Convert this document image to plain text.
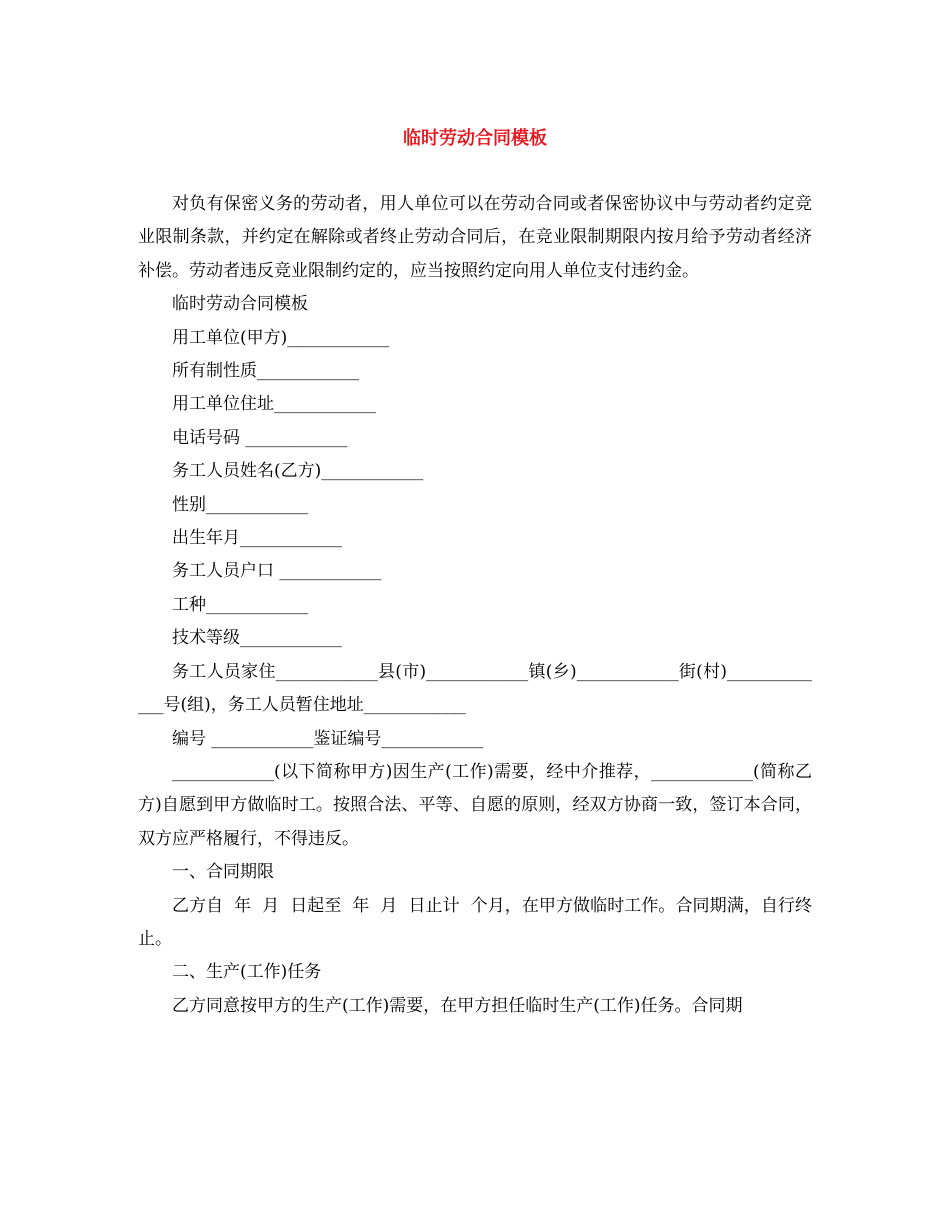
临时劳动合同模板

对负有保密义务的劳动者，用人单位可以在劳动合同或者保密协议中与劳动者约定竞业限制条款，并约定在解除或者终止劳动合同后，在竞业限制期限内按月给予劳动者经济补偿。劳动者违反竞业限制约定的，应当按照约定向用人单位支付违约金。

临时劳动合同模板

用工单位(甲方)____________

所有制性质____________

用工单位住址____________

电话号码 ____________

务工人员姓名(乙方)____________

性别____________

出生年月____________

务工人员户口 ____________

工种____________

技术等级____________

务工人员家住____________县(市)____________镇(乡)____________街(村)_____________号(组)，务工人员暂住地址____________

编号 ____________鉴证编号____________

____________(以下简称甲方)因生产(工作)需要，经中介推荐，____________(简称乙方)自愿到甲方做临时工。按照合法、平等、自愿的原则，经双方协商一致，签订本合同，双方应严格履行，不得违反。

一、合同期限

乙方自  年  月  日起至  年  月  日止计  个月，在甲方做临时工作。合同期满，自行终止。

二、生产(工作)任务

乙方同意按甲方的生产(工作)需要，在甲方担任临时生产(工作)任务。合同期
